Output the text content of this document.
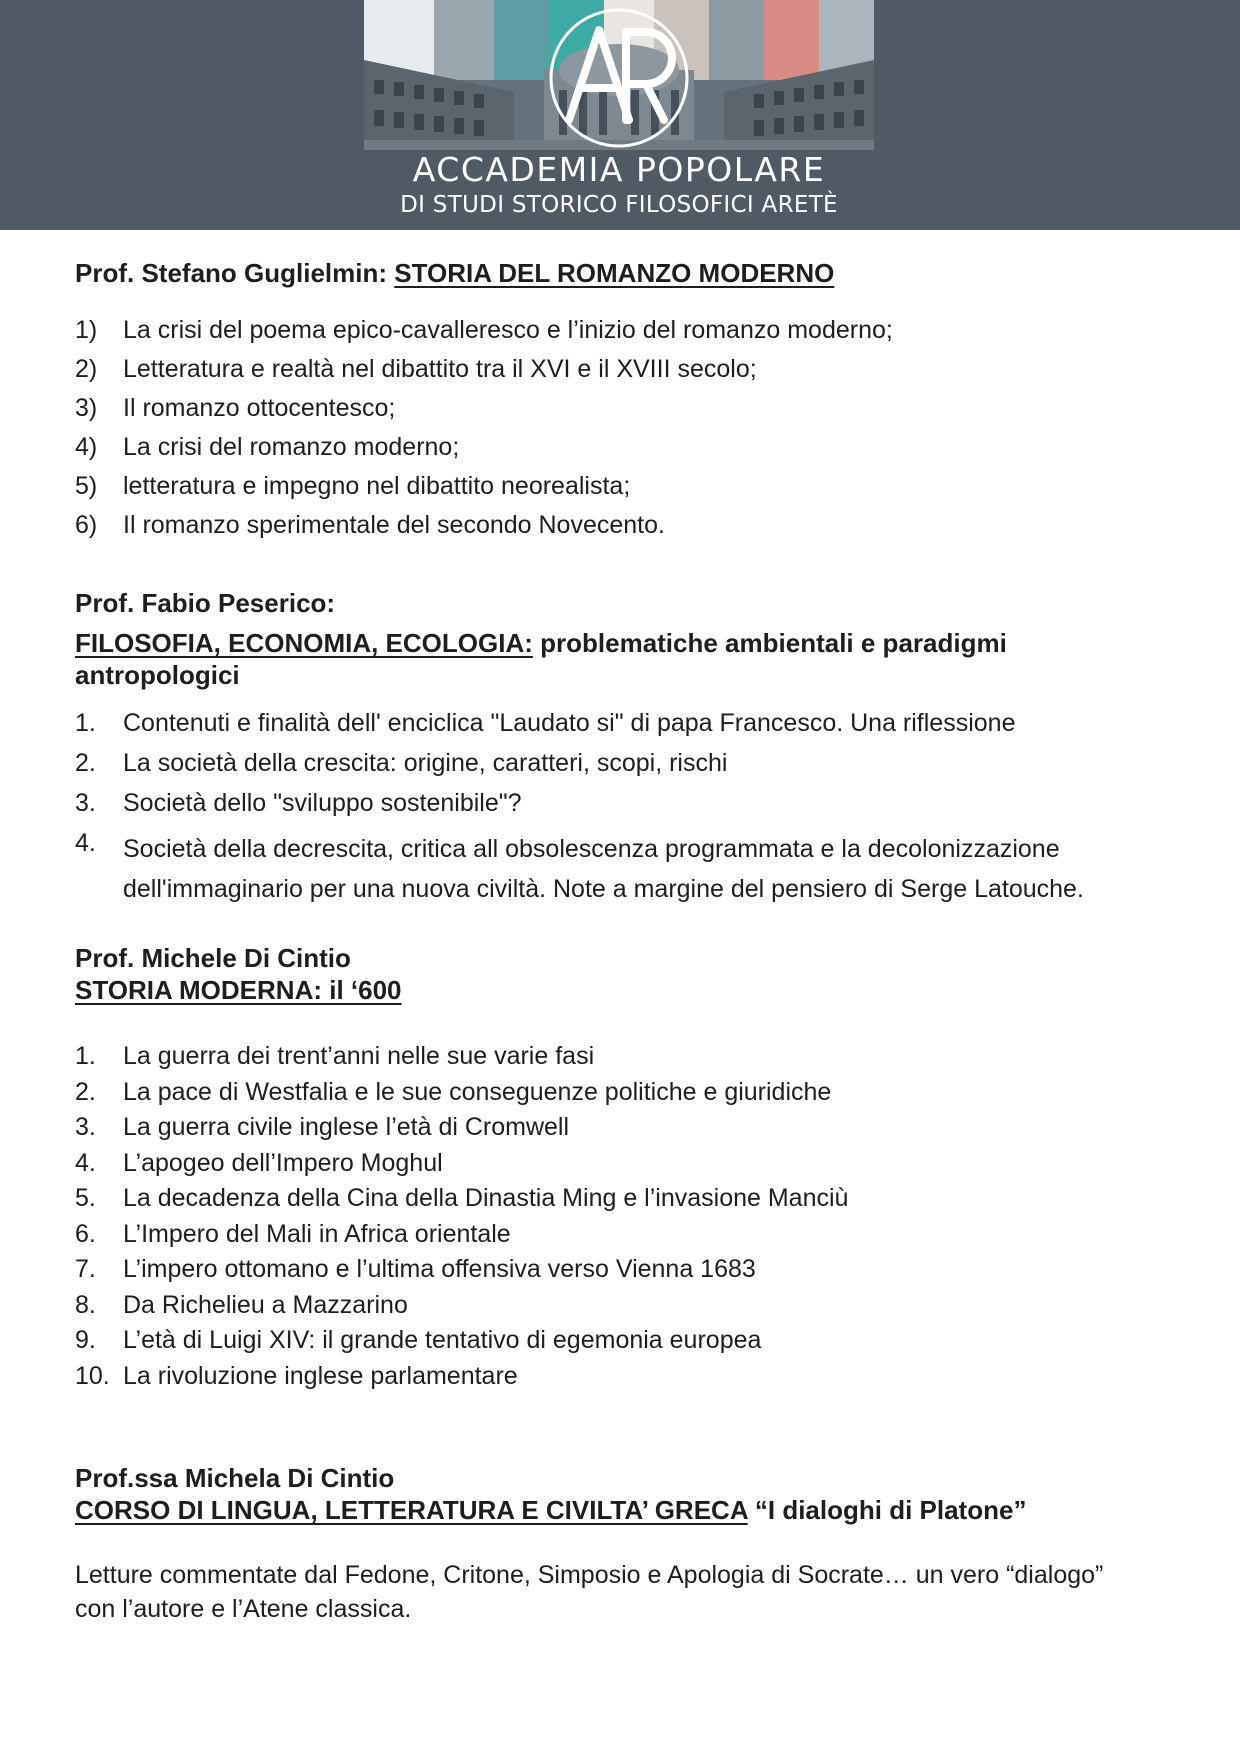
ACCADEMIA POPOLARE
DI STUDI STORICO FILOSOFICI ARETÈ

Prof. Stefano Guglielmin: STORIA DEL ROMANZO MODERNO

1) La crisi del poema epico-cavalleresco e l’inizio del romanzo moderno;
2) Letteratura e realtà nel dibattito tra il XVI e il XVIII secolo;
3) Il romanzo ottocentesco;
4) La crisi del romanzo moderno;
5) letteratura e impegno nel dibattito neorealista;
6) Il romanzo sperimentale del secondo Novecento.

Prof. Fabio Peserico:

FILOSOFIA, ECONOMIA, ECOLOGIA: problematiche ambientali e paradigmi antropologici

1. Contenuti e finalità dell' enciclica "Laudato si" di papa Francesco. Una riflessione
2. La società della crescita: origine, caratteri, scopi, rischi
3. Società dello "sviluppo sostenibile"?
4. Società della decrescita, critica all obsolescenza programmata e la decolonizzazione dell'immaginario per una nuova civiltà. Note a margine del pensiero di Serge Latouche.

Prof. Michele Di Cintio

STORIA MODERNA: il ‘600

1. La guerra dei trent’anni nelle sue varie fasi
2. La pace di Westfalia e le sue conseguenze politiche e giuridiche
3. La guerra civile inglese l’età di Cromwell
4. L’apogeo dell’Impero Moghul
5. La decadenza della Cina della Dinastia Ming e l’invasione Manciù
6. L’Impero del Mali in Africa orientale
7. L’impero ottomano e l’ultima offensiva verso Vienna 1683
8. Da Richelieu a Mazzarino
9. L’età di Luigi XIV: il grande tentativo di egemonia europea
10. La rivoluzione inglese parlamentare

Prof.ssa Michela Di Cintio

CORSO DI LINGUA, LETTERATURA E CIVILTA’ GRECA “I dialoghi di Platone”

Letture commentate dal Fedone, Critone, Simposio e Apologia di Socrate… un vero “dialogo” con l’autore e l’Atene classica.
